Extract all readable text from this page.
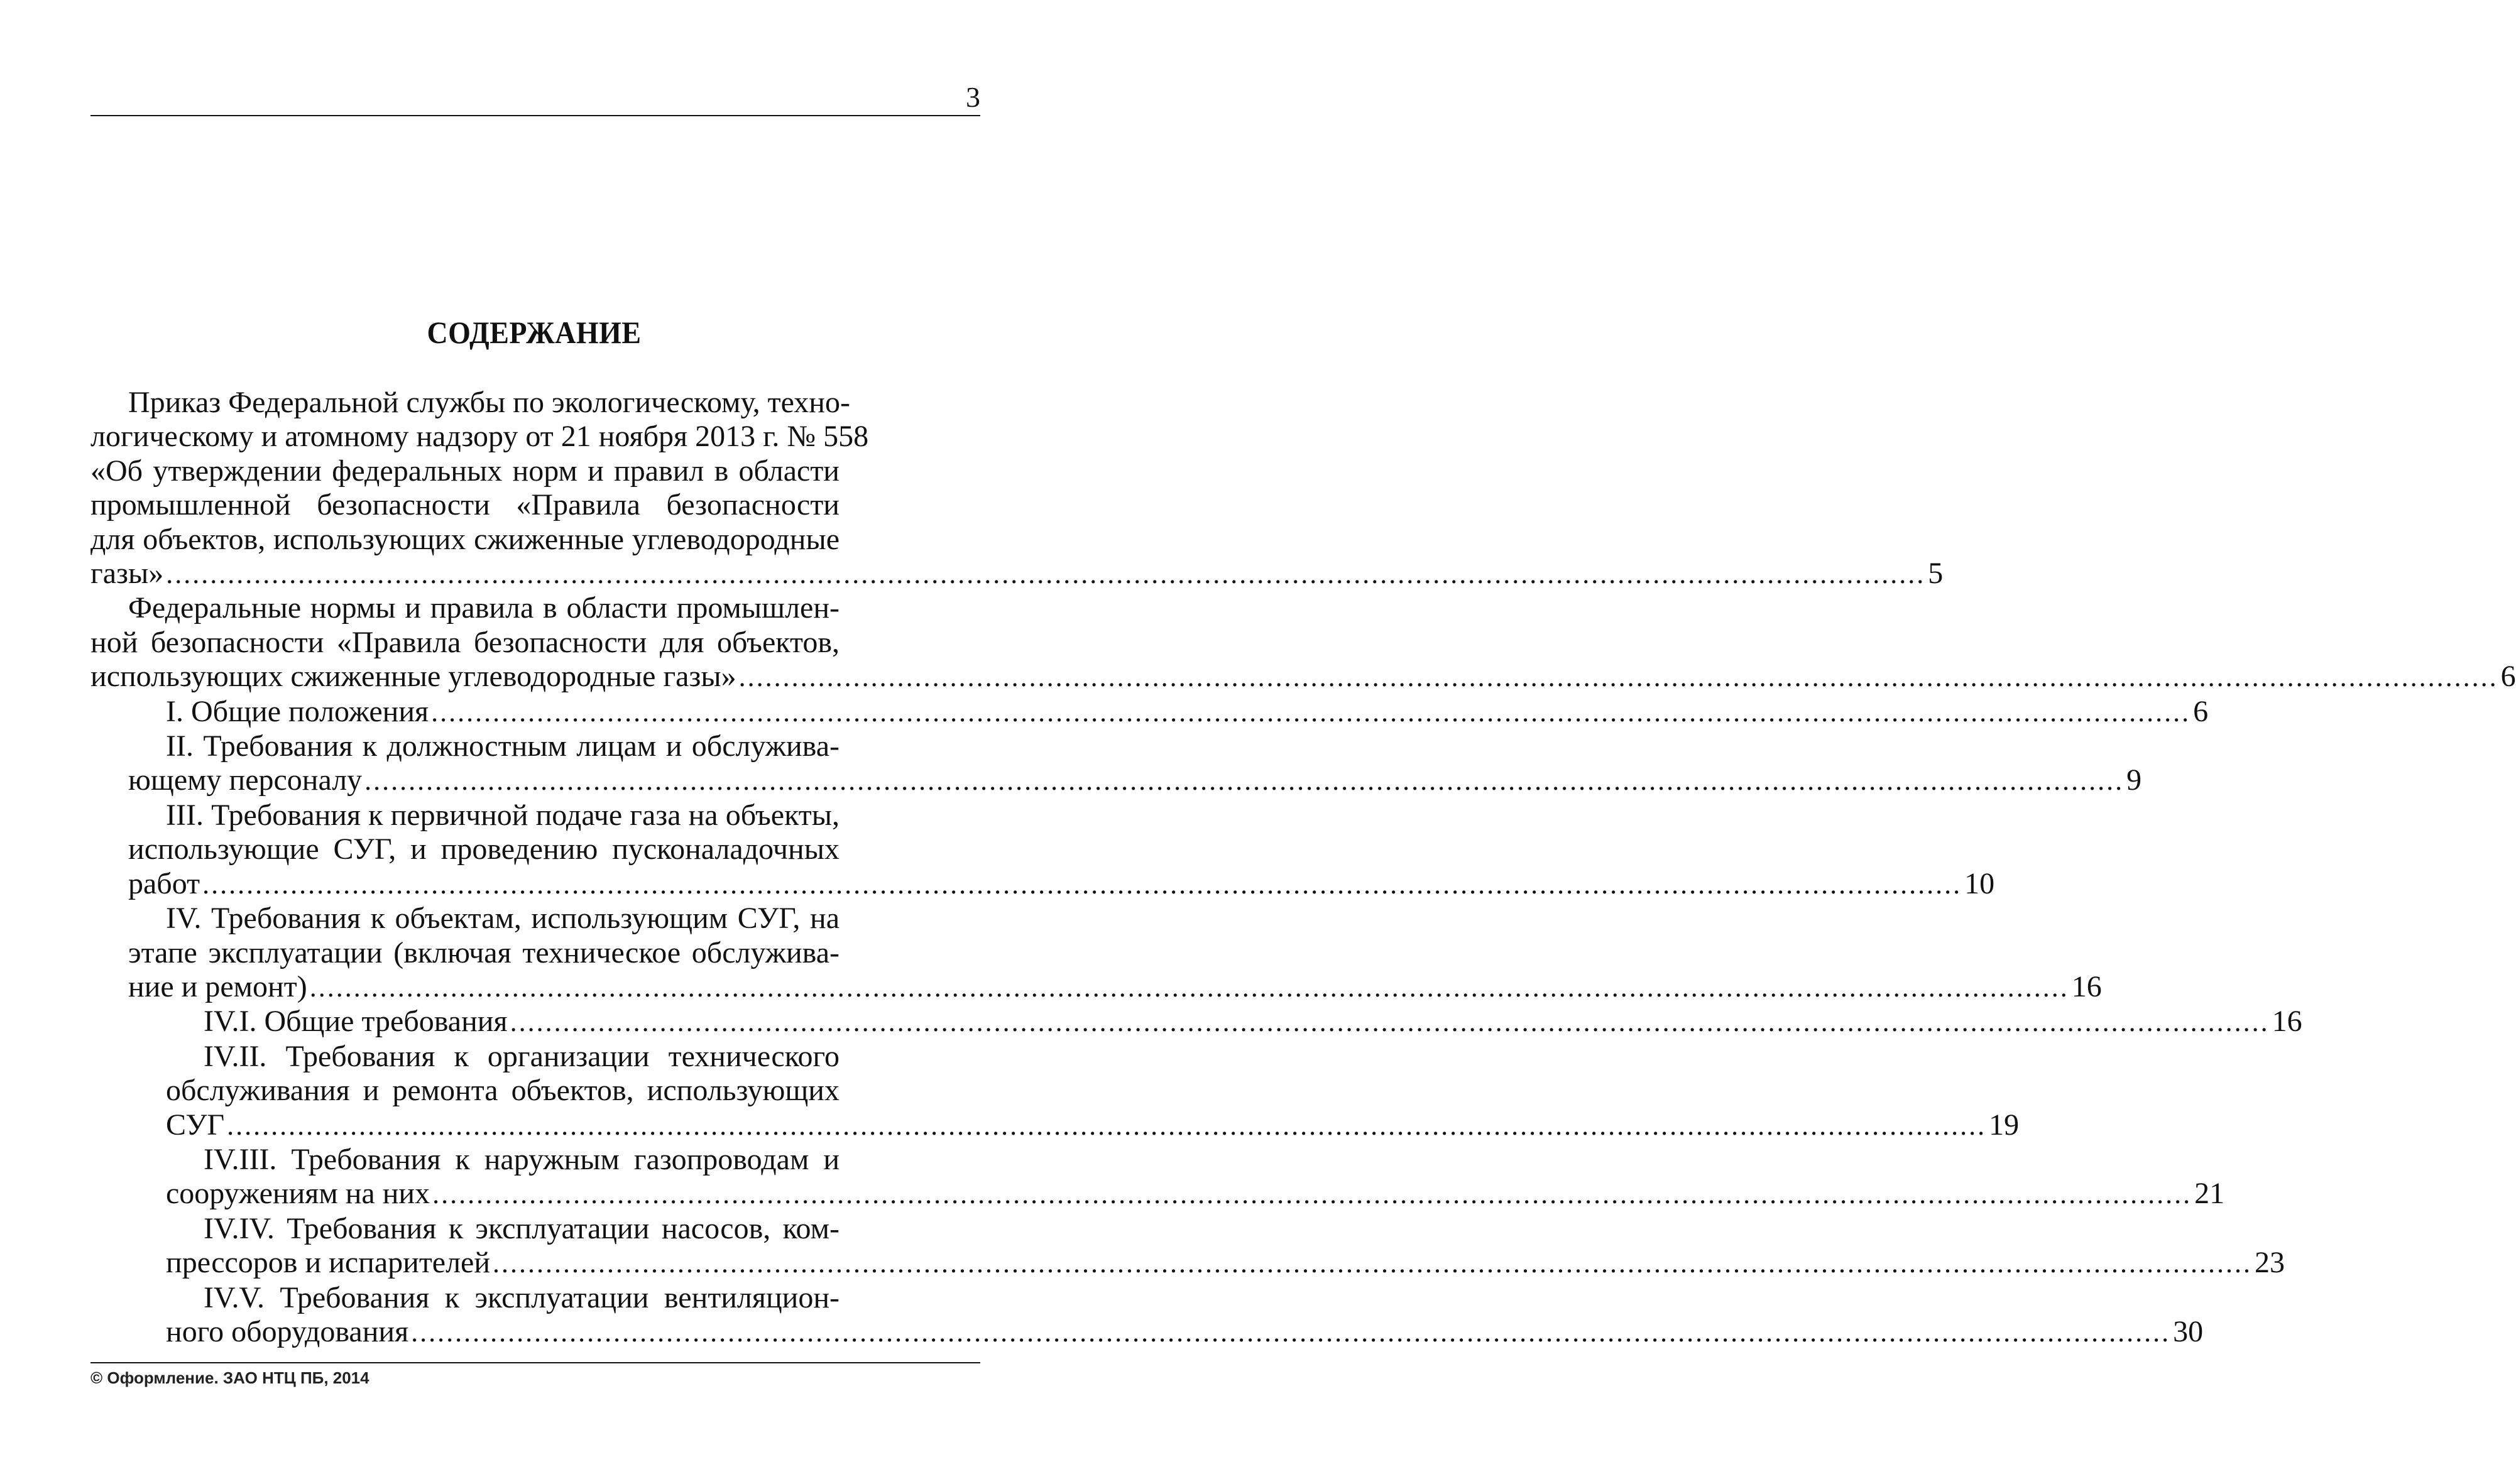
3
СОДЕРЖАНИЕ
Приказ Федеральной службы по экологическому, техно-
логическому и атомному надзору от 21 ноября 2013 г. № 558
«Об утверждении федеральных норм и правил в области
промышленной безопасности «Правила безопасности
для объектов, использующих сжиженные углеводородные
газы» ........................................................................................................................................................................................................ 5
Федеральные нормы и правила в области промышлен-
ной безопасности «Правила безопасности для объектов,
использующих сжиженные углеводородные газы» ........................................................................................................................................................................................................ 6
I. Общие положения ........................................................................................................................................................................................................ 6
II. Требования к должностным лицам и обслужива-
ющему персоналу ........................................................................................................................................................................................................ 9
III. Требования к первичной подаче газа на объекты,
использующие СУГ, и проведению пусконаладочных
работ ........................................................................................................................................................................................................ 10
IV. Требования к объектам, использующим СУГ, на
этапе эксплуатации (включая техническое обслужива-
ние и ремонт) ........................................................................................................................................................................................................ 16
IV.I. Общие требования ........................................................................................................................................................................................................ 16
IV.II. Требования к организации технического
обслуживания и ремонта объектов, использующих
СУГ ........................................................................................................................................................................................................ 19
IV.III. Требования к наружным газопроводам и
сооружениям на них ........................................................................................................................................................................................................ 21
IV.IV. Требования к эксплуатации насосов, ком-
прессоров и испарителей ........................................................................................................................................................................................................ 23
IV.V. Требования к эксплуатации вентиляцион-
ного оборудования ........................................................................................................................................................................................................ 30
© Оформление. ЗАО НТЦ ПБ, 2014
